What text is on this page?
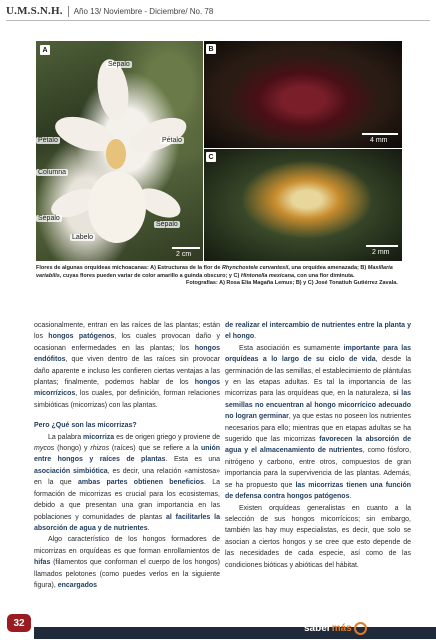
U.M.S.N.H. Año 13/ Noviembre - Diciembre/ No. 78
A
Sépalo
Pétalo	Pétalo
Columna
Sépalo
Labelo
Sépalo
2 cm
B
4 mm
C
2 mm
Flores de algunas orquídeas michoacanas: A) Estructuras de la flor de Rhynchostele cervantesii, una orquídea amenazada; B) Maxillaria variabilis, cuyas flores pueden variar de color amarillo a guinda obscuro; y C) Hintonella mexicana, con una flor diminuta.
Fotografías: A) Rosa Elia Magaña Lemus; B) y C) José Tonatiuh Gutiérrez Zavala.

ocasionalmente, entran en las raíces de las plantas; están los hongos patógenos, los cuales provocan daño y ocasionan enfermedades en las plantas; los hongos endófitos, que viven dentro de las raíces sin provocar daño aparente e incluso les confieren ciertas ventajas a las plantas; finalmente, podemos hablar de los hongos micorrízicos, los cuales, por definición, forman relaciones simbióticas (micorrizas) con las plantas.

Pero ¿Qué son las micorrizas?

La palabra micorriza es de origen griego y proviene de mycos (hongo) y rhizos (raíces) que se refiere a la unión entre hongos y raíces de plantas. Esta es una asociación simbiótica, es decir, una relación «amistosa» en la que ambas partes obtienen beneficios. La formación de micorrizas es crucial para los ecosistemas, debido a que presentan una gran importancia en las poblaciones y comunidades de plantas al facilitarles la absorción de agua y de nutrientes.

Algo característico de los hongos formadores de micorrizas en orquídeas es que forman enrollamientos de hifas (filamentos que conforman el cuerpo de los hongos) llamados pelotones (como puedes verlos en la siguiente figura), encargados

de realizar el intercambio de nutrientes entre la planta y el hongo.

Esta asociación es sumamente importante para las orquídeas a lo largo de su ciclo de vida, desde la germinación de las semillas, el establecimiento de plántulas y en las etapas adultas. Es tal la importancia de las micorrizas para las orquídeas que, en la naturaleza, si las semillas no encuentran al hongo micorrícico adecuado no logran germinar, ya que estas no poseen los nutrientes necesarios para ello; mientras que en etapas adultas se ha sugerido que las micorrizas favorecen la absorción de agua y el almacenamiento de nutrientes, como fósforo, nitrógeno y carbono, entre otros, compuestos de gran importancia para la supervivencia de las plantas. Además, se ha propuesto que las micorrizas tienen una función de defensa contra hongos patógenos.

Existen orquídeas generalistas en cuanto a la selección de sus hongos micorrícicos; sin embargo, también las hay muy especialistas, es decir, que solo se asocian a ciertos hongos y se cree que esto depende de las necesidades de cada especie, así como de las condiciones bióticas y abióticas del hábitat.

saber más
32
